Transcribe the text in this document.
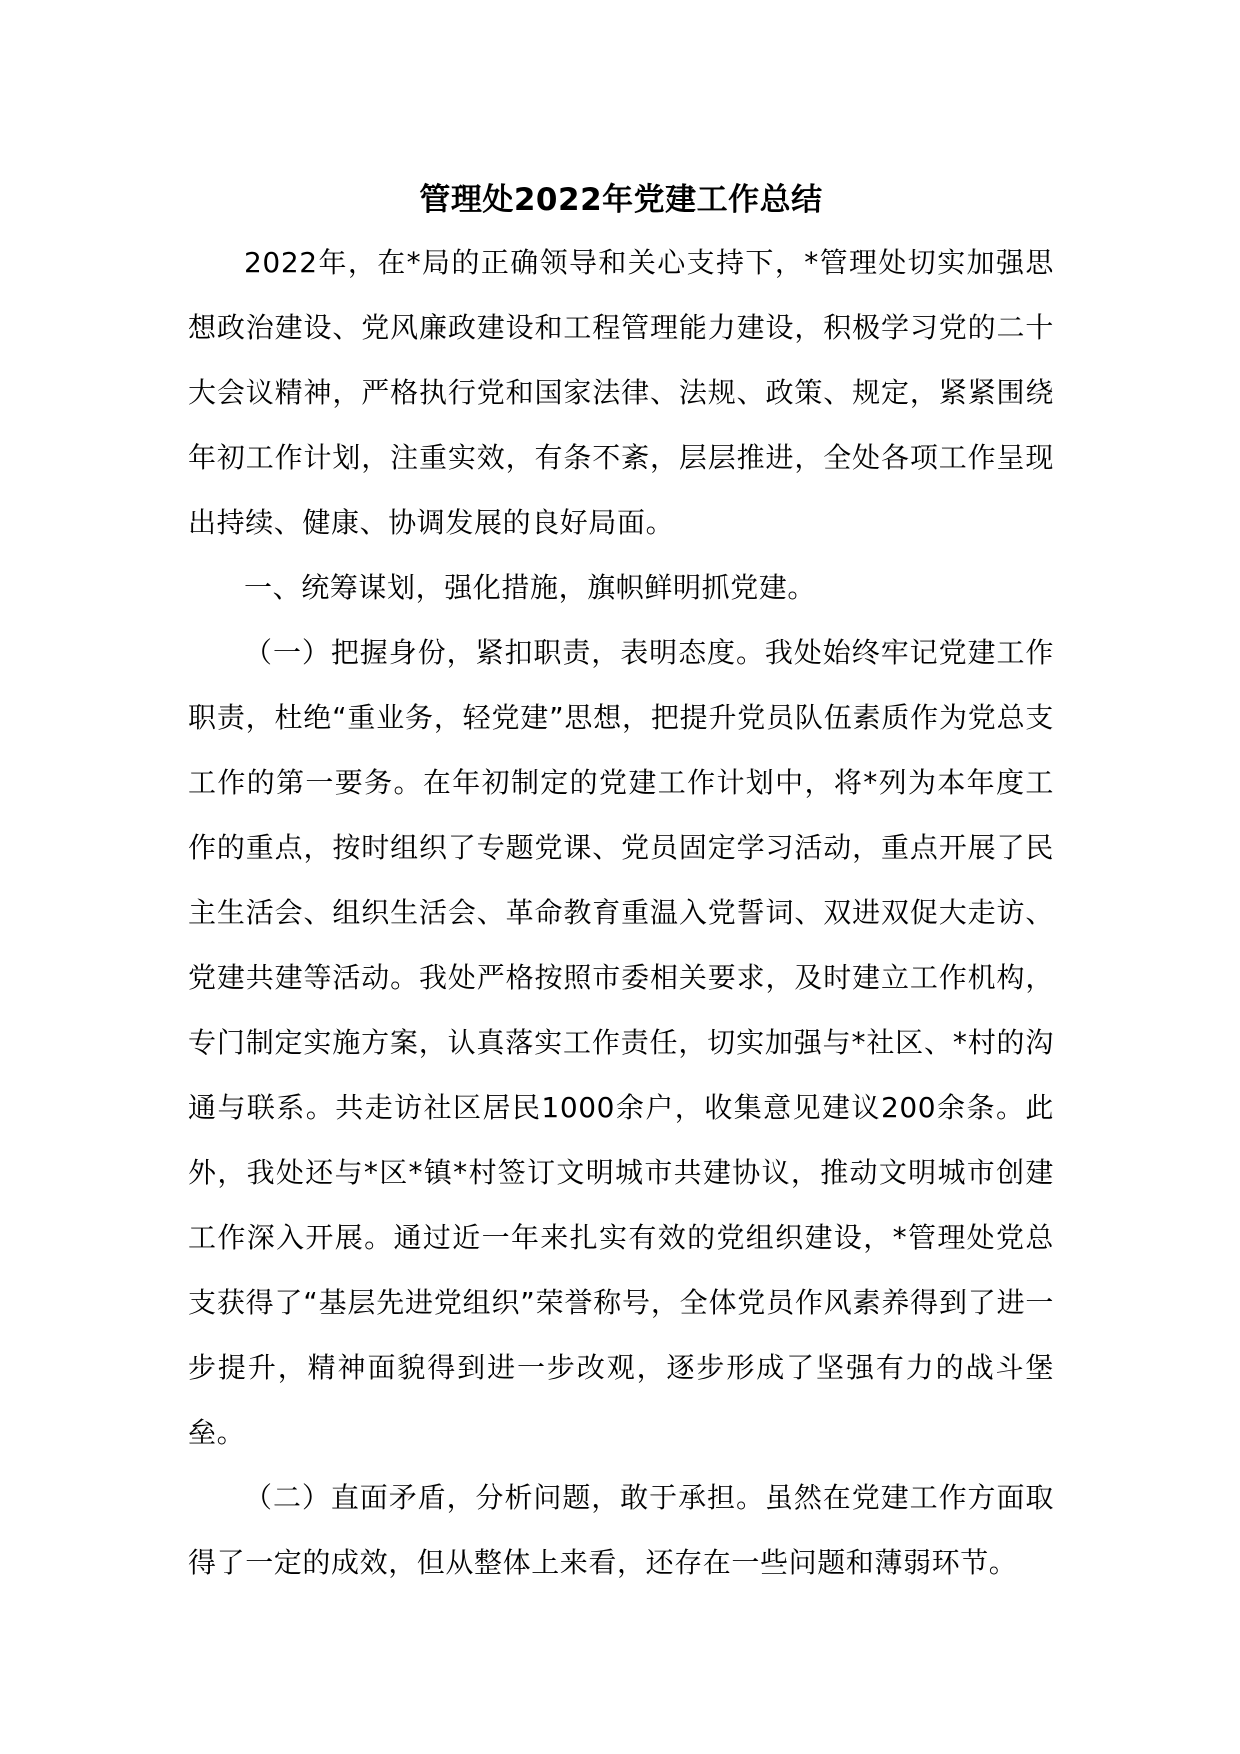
管理处2022年党建工作总结

2022年，在*局的正确领导和关心支持下，*管理处切实加强思想政治建设、党风廉政建设和工程管理能力建设，积极学习党的二十大会议精神，严格执行党和国家法律、法规、政策、规定，紧紧围绕年初工作计划，注重实效，有条不紊，层层推进，全处各项工作呈现出持续、健康、协调发展的良好局面。

一、统筹谋划，强化措施，旗帜鲜明抓党建。

（一）把握身份，紧扣职责，表明态度。我处始终牢记党建工作职责，杜绝“重业务，轻党建”思想，把提升党员队伍素质作为党总支工作的第一要务。在年初制定的党建工作计划中，将*列为本年度工作的重点，按时组织了专题党课、党员固定学习活动，重点开展了民主生活会、组织生活会、革命教育重温入党誓词、双进双促大走访、党建共建等活动。我处严格按照市委相关要求，及时建立工作机构，专门制定实施方案，认真落实工作责任，切实加强与*社区、*村的沟通与联系。共走访社区居民1000余户，收集意见建议200余条。此外，我处还与*区*镇*村签订文明城市共建协议，推动文明城市创建工作深入开展。通过近一年来扎实有效的党组织建设，*管理处党总支获得了“基层先进党组织”荣誉称号，全体党员作风素养得到了进一步提升，精神面貌得到进一步改观，逐步形成了坚强有力的战斗堡垒。

（二）直面矛盾，分析问题，敢于承担。虽然在党建工作方面取得了一定的成效，但从整体上来看，还存在一些问题和薄弱环节。
